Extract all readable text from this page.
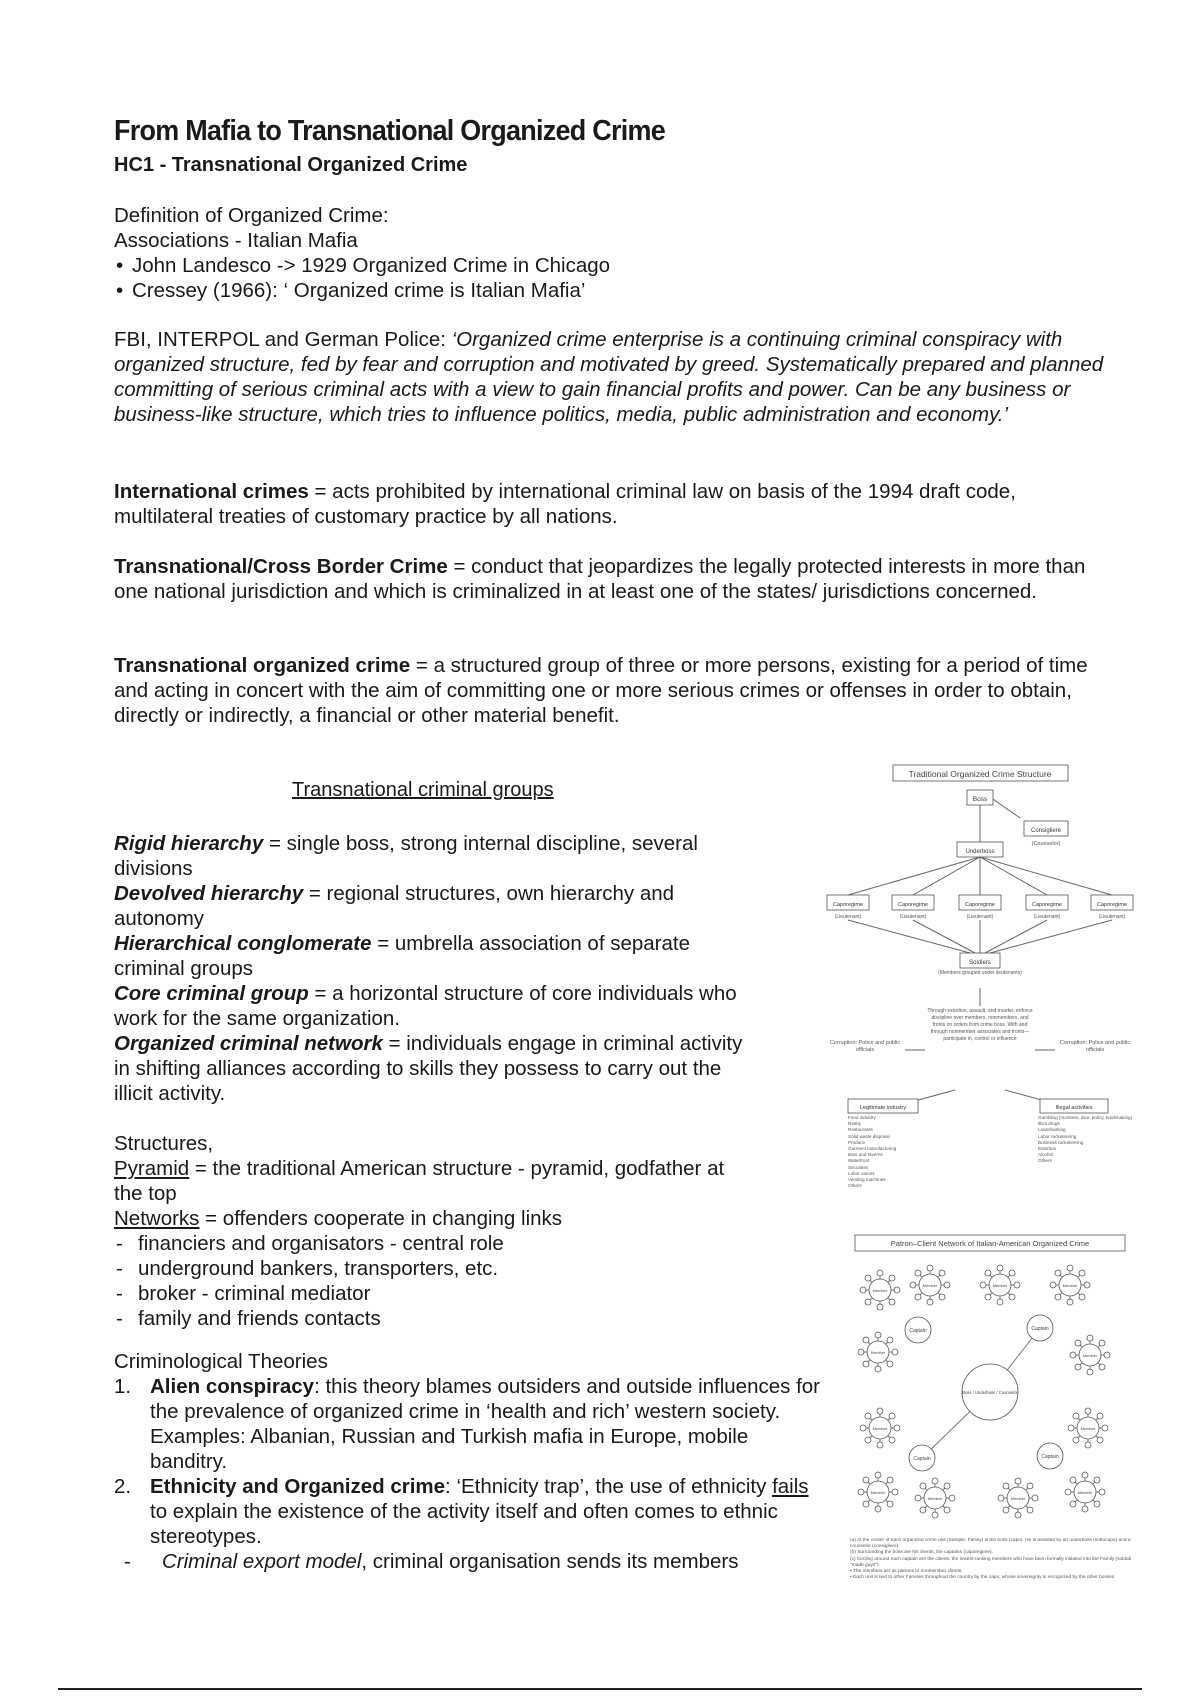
From Mafia to Transnational Organized Crime
HC1 - Transnational Organized Crime
Definition of Organized Crime:
Associations - Italian Mafia
• John Landesco -> 1929 Organized Crime in Chicago
• Cressey (1966): ‘ Organized crime is Italian Mafia’
FBI, INTERPOL and German Police: ‘Organized crime enterprise is a continuing criminal conspiracy with organized structure, fed by fear and corruption and motivated by greed. Systematically prepared and planned committing of serious criminal acts with a view to gain financial profits and power. Can be any business or business-like structure, which tries to influence politics, media, public administration and economy.’
International crimes = acts prohibited by international criminal law on basis of the 1994 draft code, multilateral treaties of customary practice by all nations.
Transnational/Cross Border Crime = conduct that jeopardizes the legally protected interests in more than one national jurisdiction and which is criminalized in at least one of the states/ jurisdictions concerned.
Transnational organized crime = a structured group of three or more persons, existing for a period of time and acting in concert with the aim of committing one or more serious crimes or offenses in order to obtain, directly or indirectly, a financial or other material benefit.
Transnational criminal groups
Rigid hierarchy = single boss, strong internal discipline, several divisions
Devolved hierarchy = regional structures, own hierarchy and autonomy
Hierarchical conglomerate = umbrella association of separate criminal groups
Core criminal group = a horizontal structure of core individuals who work for the same organization.
Organized criminal network = individuals engage in criminal activity in shifting alliances according to skills they possess to carry out the illicit activity.
Structures,
Pyramid = the traditional American structure - pyramid, godfather at the top
Networks = offenders cooperate in changing links
- financiers and organisators - central role
- underground bankers, transporters, etc.
- broker - criminal mediator
- family and friends contacts
Criminological Theories
1. Alien conspiracy: this theory blames outsiders and outside influences for the prevalence of organized crime in ‘health and rich’ western society. Examples: Albanian, Russian and Turkish mafia in Europe, mobile banditry.
2. Ethnicity and Organized crime: ‘Ethnicity trap’, the use of ethnicity fails to explain the existence of the activity itself and often comes to ethnic stereotypes.
- Criminal export model, criminal organisation sends its members
Traditional Organized Crime Structure
Boss
Consigliere
(Counselor)
Underboss
Caporegime
(Lieutenant)
Caporegime
(Lieutenant)
Caporegime
(Lieutenant)
Caporegime
(Lieutenant)
Caporegime
(Lieutenant)
Soldiers
(Members grouped under lieutenants)
Through extortion, assault, and murder, enforce discipline over members, nonmembers, and fronts on orders from crime boss. With and through nonmember associates and fronts—participate in, control or influence
Corruption: Police and public officials
Corruption: Police and public officials
Legitimate industry
Food industry
Realty
Restaurants
Solid waste disposal
Produce
Garment manufacturing
Bars and taverns
Waterfront
Securities
Labor unions
Vending machines
Others
Illegal activities
Gambling (numbers, dice, policy, bookmaking)
Illicit drugs
Loansharking
Labor racketeering
Business racketeering
Extortion
Alcohol
Others
Patron–Client Network of Italian-American Organized Crime
Member
Member	Member	Member
Member
Member
Member	Member
Member
Member	Member
Member
Captain	Captain
Captain	Captain
Boss / Underboss / Counselor
(a) At the center of each organized crime unit (Sample: Family) is the boss (capo). He is assisted by an underboss (sottocapo) and a counselor (consigliere).
(b) Surrounding the boss are his clients, the captains (caporegime).
(c) Circling around each captain are the clients, the lowest-ranking members who have been formally initiated into the Family (soldati "made guys").
• The members act as patrons to nonmember clients.
• Each unit is tied to other Families throughout the country by the capo, whose sovereignty is recognized by the other bosses.
